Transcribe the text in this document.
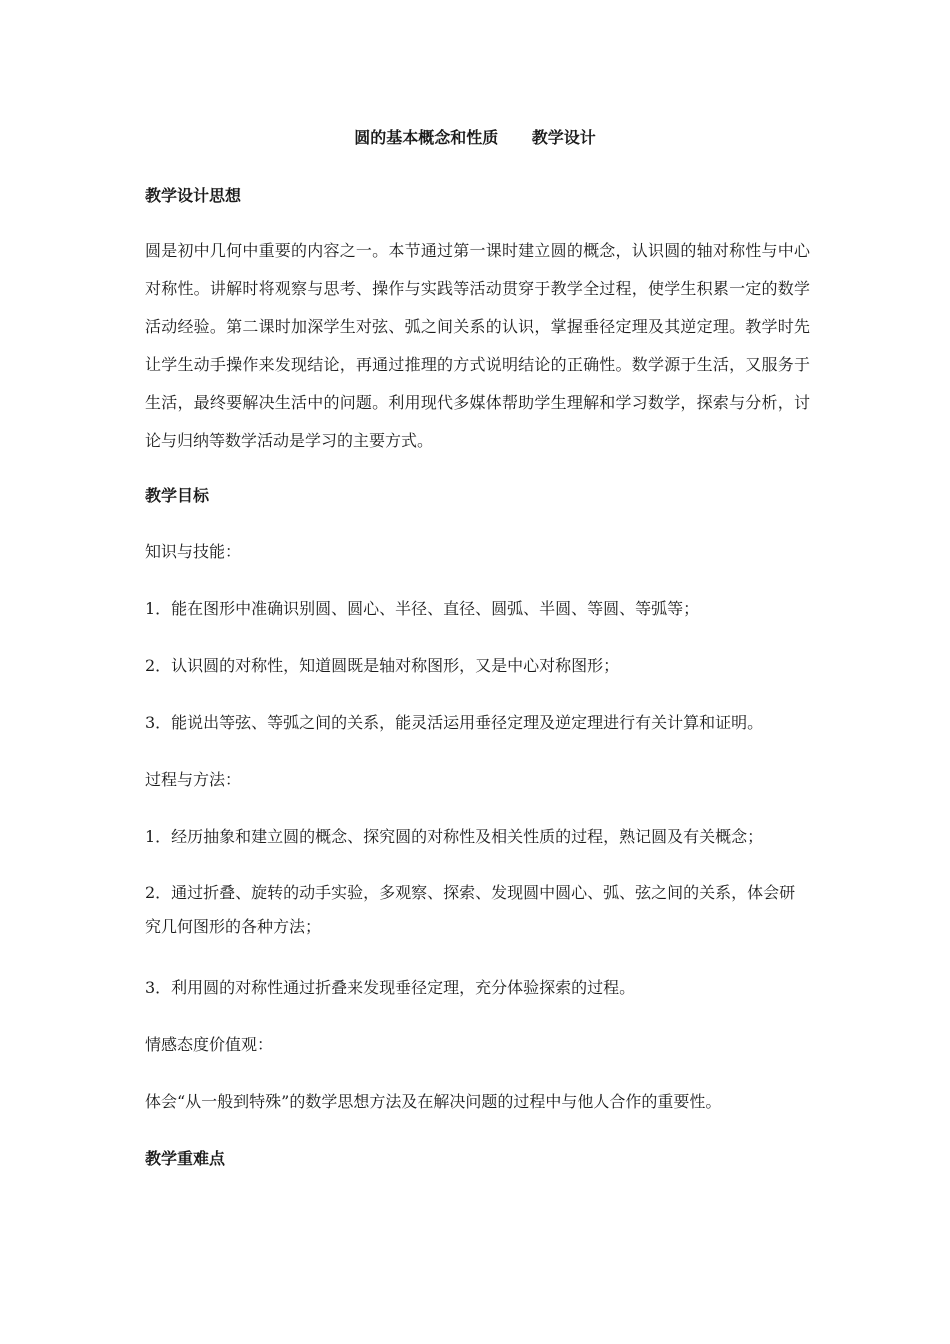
圆的基本概念和性质      教学设计
教学设计思想
圆是初中几何中重要的内容之一。本节通过第一课时建立圆的概念，认识圆的轴对称性与中心对称性。讲解时将观察与思考、操作与实践等活动贯穿于教学全过程，使学生积累一定的数学活动经验。第二课时加深学生对弦、弧之间关系的认识，掌握垂径定理及其逆定理。教学时先让学生动手操作来发现结论，再通过推理的方式说明结论的正确性。数学源于生活，又服务于生活，最终要解决生活中的问题。利用现代多媒体帮助学生理解和学习数学，探索与分析，讨论与归纳等数学活动是学习的主要方式。
教学目标
知识与技能：
1．能在图形中准确识别圆、圆心、半径、直径、圆弧、半圆、等圆、等弧等；
2．认识圆的对称性，知道圆既是轴对称图形，又是中心对称图形；
3．能说出等弦、等弧之间的关系，能灵活运用垂径定理及逆定理进行有关计算和证明。
过程与方法：
1．经历抽象和建立圆的概念、探究圆的对称性及相关性质的过程，熟记圆及有关概念；
2．通过折叠、旋转的动手实验，多观察、探索、发现圆中圆心、弧、弦之间的关系，体会研究几何图形的各种方法；
3．利用圆的对称性通过折叠来发现垂径定理，充分体验探索的过程。
情感态度价值观：
体会“从一般到特殊”的数学思想方法及在解决问题的过程中与他人合作的重要性。
教学重难点
